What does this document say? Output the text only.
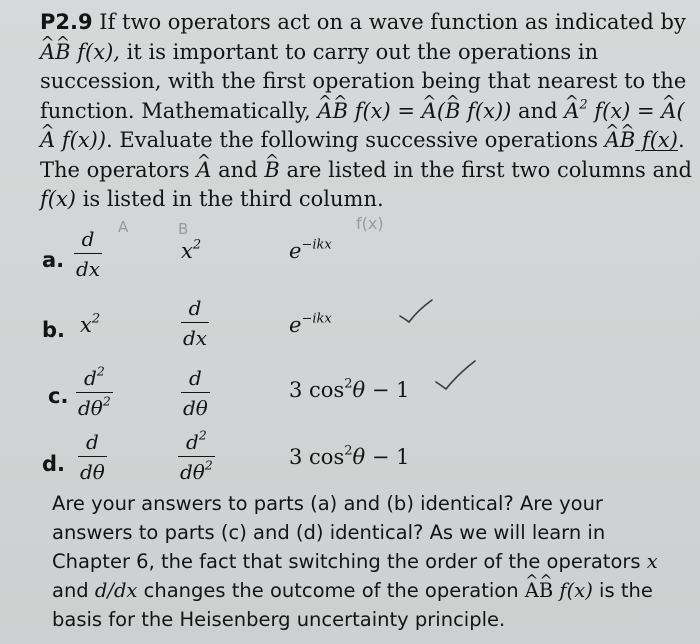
P2.9 If two operators act on a wave function as indicated by ^ A^ B f(x), it is important to carry out the operations in succession, with the first operation being that nearest to the function. Mathematically, ^ A^ B f(x) = ^ A(^ B f(x)) and ^ $A^2$ f(x) = ^ A(^ A f(x)). Evaluate the following successive operations ^ A^ B f(x). The operators ^ A and ^ B are listed in the first two columns and f(x) is listed in the third column.

A	B	f(x)
a. $\frac{d}{dx}$	$x^2$	$e^{-ikx}$
b. $x^2$	$\frac{d}{dx}$	$e^{-ikx}$
c. $\frac{d^2}{d\theta^2}$	$\frac{d}{d\theta}$	3 $\cos^2\theta - 1$
d. $\frac{d}{d\theta}$	$\frac{d^2}{d\theta^2}$	3 $\cos^2\theta - 1$

Are your answers to parts (a) and (b) identical? Are your
answers to parts (c) and (d) identical? As we will learn in
Chapter 6, the fact that switching the order of the operators x
and d/dx changes the outcome of the operation ^ A^ B f(x) is the
basis for the Heisenberg uncertainty principle.
